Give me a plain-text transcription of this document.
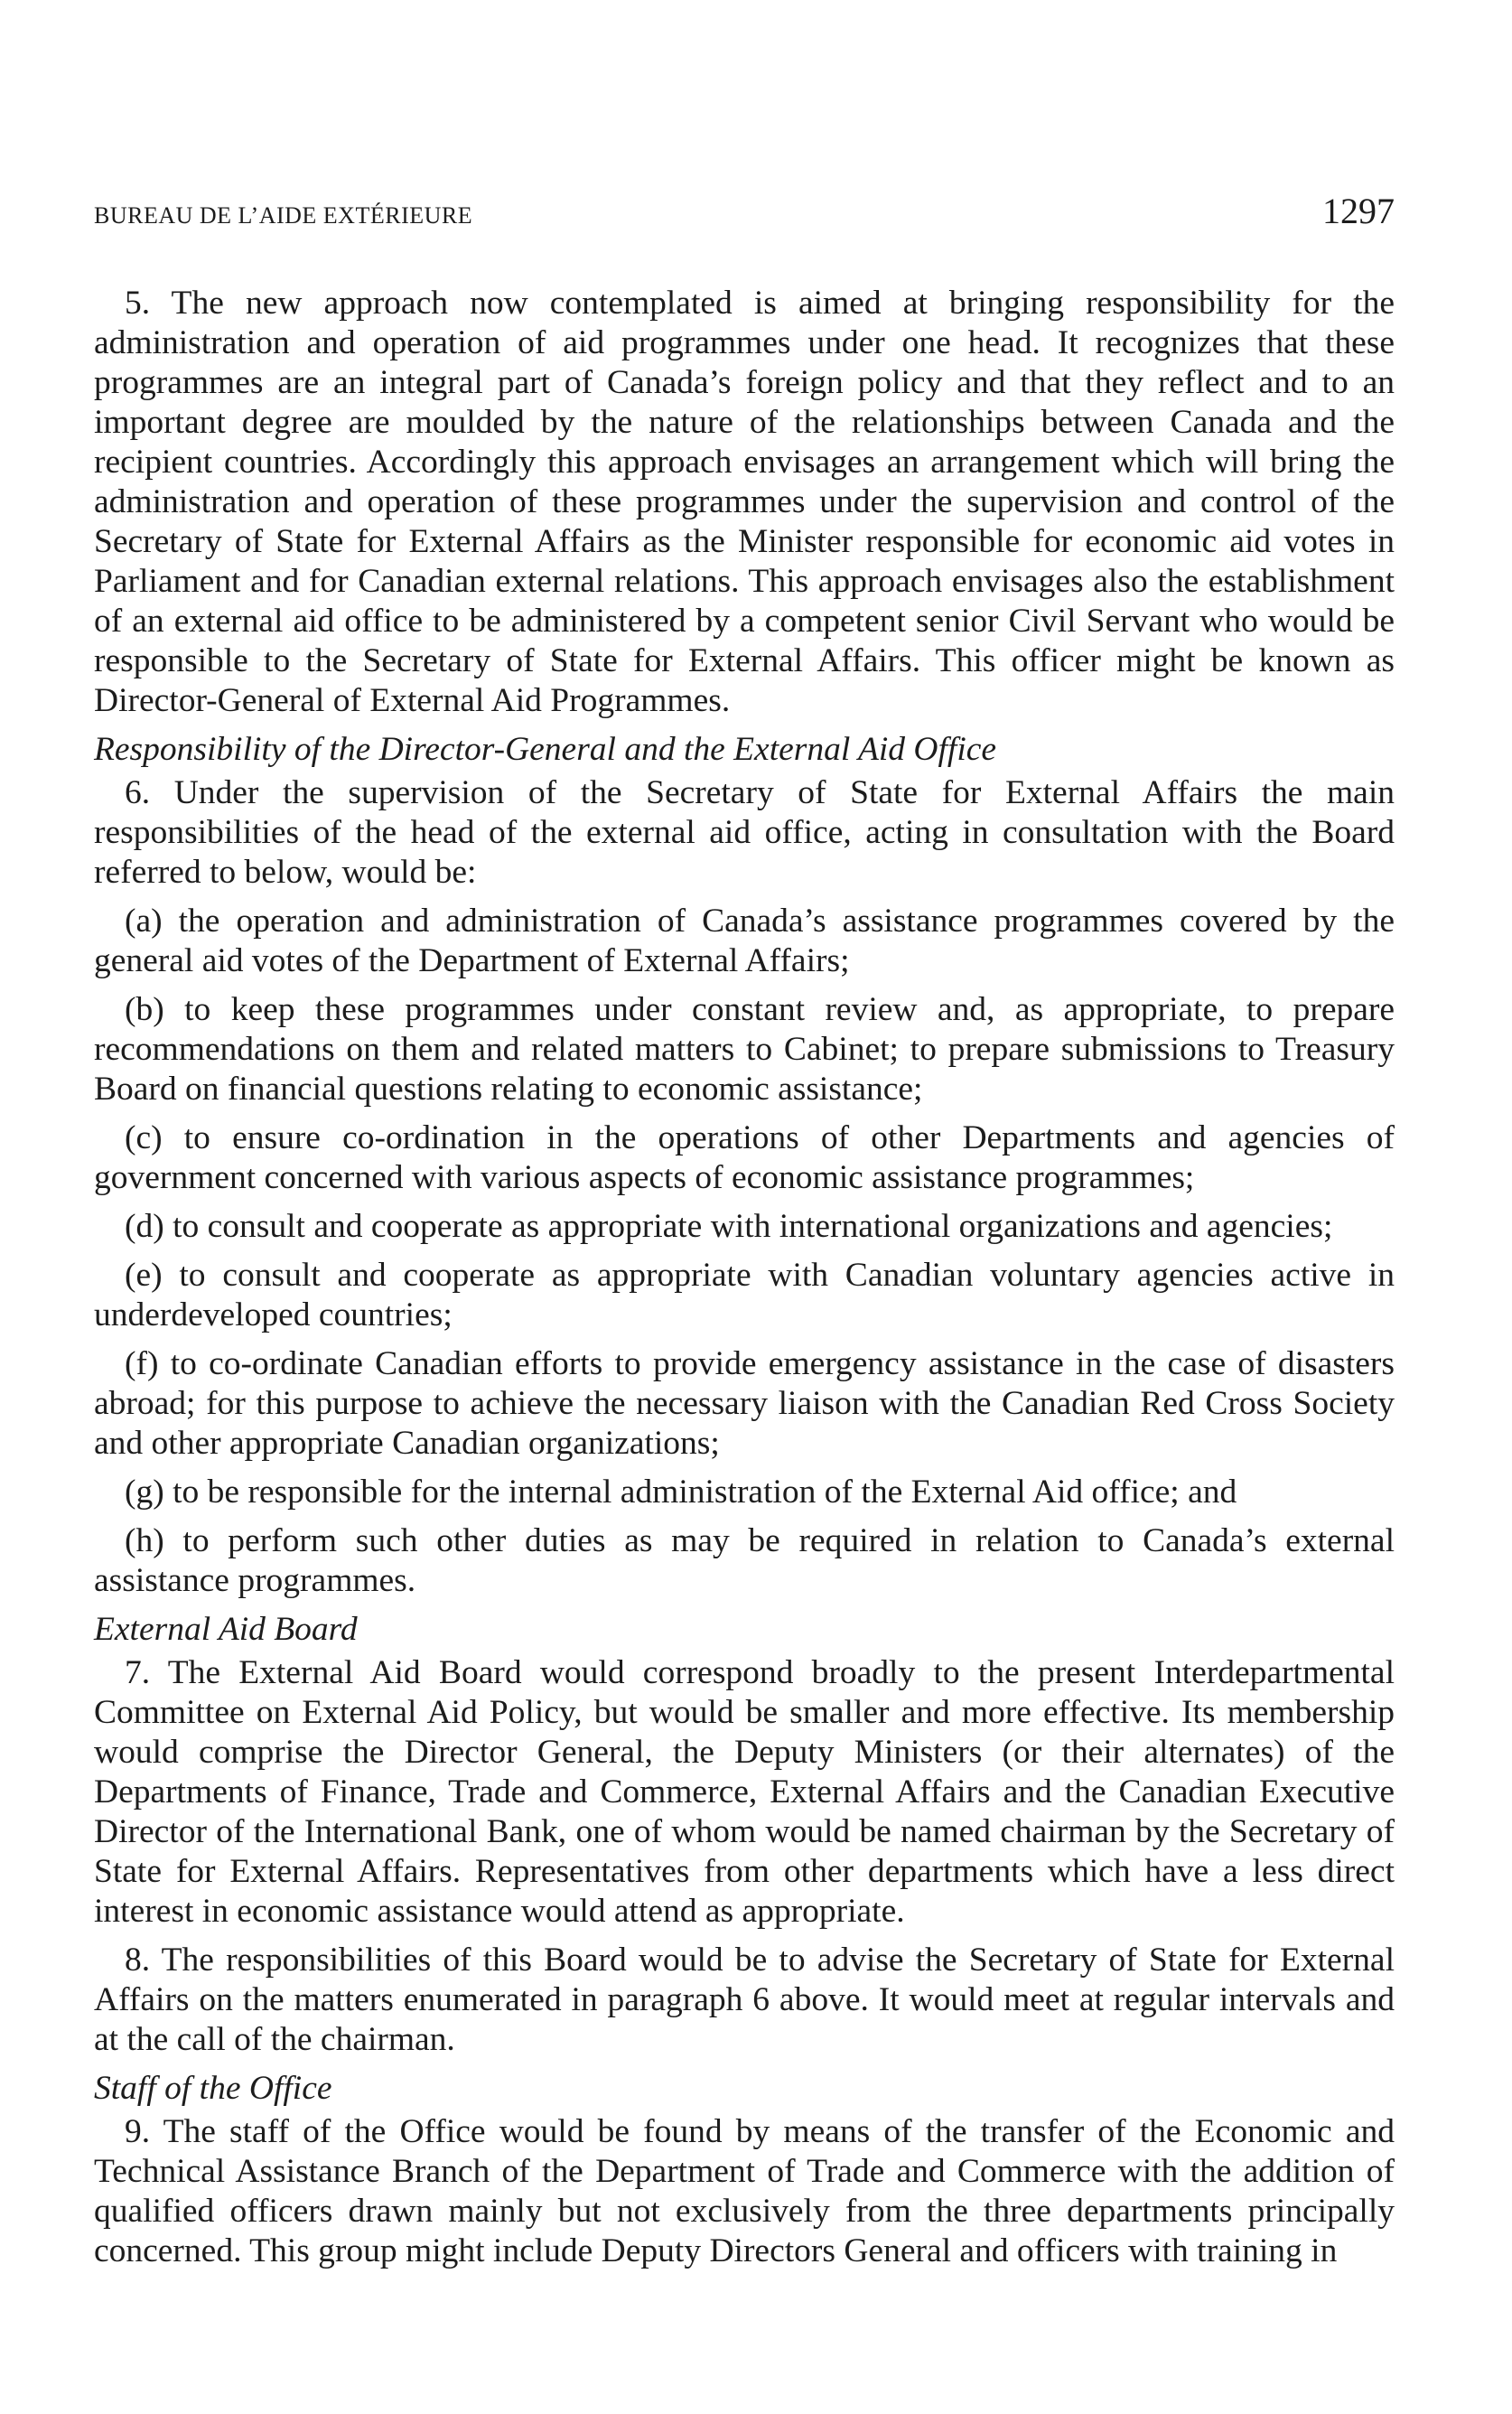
BUREAU DE L’AIDE EXTÉRIEURE	1297

5. The new approach now contemplated is aimed at bringing responsibility for the administration and operation of aid programmes under one head. It recognizes that these programmes are an integral part of Canada’s foreign policy and that they reflect and to an important degree are moulded by the nature of the relationships between Canada and the recipient countries. Accordingly this approach envisages an arrangement which will bring the administration and operation of these programmes under the supervision and control of the Secretary of State for External Affairs as the Minister responsible for economic aid votes in Parliament and for Canadian external relations. This approach envisages also the establishment of an external aid office to be administered by a competent senior Civil Servant who would be responsible to the Secretary of State for External Affairs. This officer might be known as Director-General of External Aid Programmes.

Responsibility of the Director-General and the External Aid Office

6. Under the supervision of the Secretary of State for External Affairs the main responsibilities of the head of the external aid office, acting in consultation with the Board referred to below, would be:

(a) the operation and administration of Canada’s assistance programmes covered by the general aid votes of the Department of External Affairs;

(b) to keep these programmes under constant review and, as appropriate, to prepare recommendations on them and related matters to Cabinet; to prepare submissions to Treasury Board on financial questions relating to economic assistance;

(c) to ensure co-ordination in the operations of other Departments and agencies of government concerned with various aspects of economic assistance programmes;

(d) to consult and cooperate as appropriate with international organizations and agencies;

(e) to consult and cooperate as appropriate with Canadian voluntary agencies active in underdeveloped countries;

(f) to co-ordinate Canadian efforts to provide emergency assistance in the case of disasters abroad; for this purpose to achieve the necessary liaison with the Canadian Red Cross Society and other appropriate Canadian organizations;

(g) to be responsible for the internal administration of the External Aid office; and

(h) to perform such other duties as may be required in relation to Canada’s external assistance programmes.

External Aid Board

7. The External Aid Board would correspond broadly to the present Interdepartmental Committee on External Aid Policy, but would be smaller and more effective. Its membership would comprise the Director General, the Deputy Ministers (or their alternates) of the Departments of Finance, Trade and Commerce, External Affairs and the Canadian Executive Director of the International Bank, one of whom would be named chairman by the Secretary of State for External Affairs. Representatives from other departments which have a less direct interest in economic assistance would attend as appropriate.

8. The responsibilities of this Board would be to advise the Secretary of State for External Affairs on the matters enumerated in paragraph 6 above. It would meet at regular intervals and at the call of the chairman.

Staff of the Office

9. The staff of the Office would be found by means of the transfer of the Economic and Technical Assistance Branch of the Department of Trade and Commerce with the addition of qualified officers drawn mainly but not exclusively from the three departments principally concerned. This group might include Deputy Directors General and officers with training in
